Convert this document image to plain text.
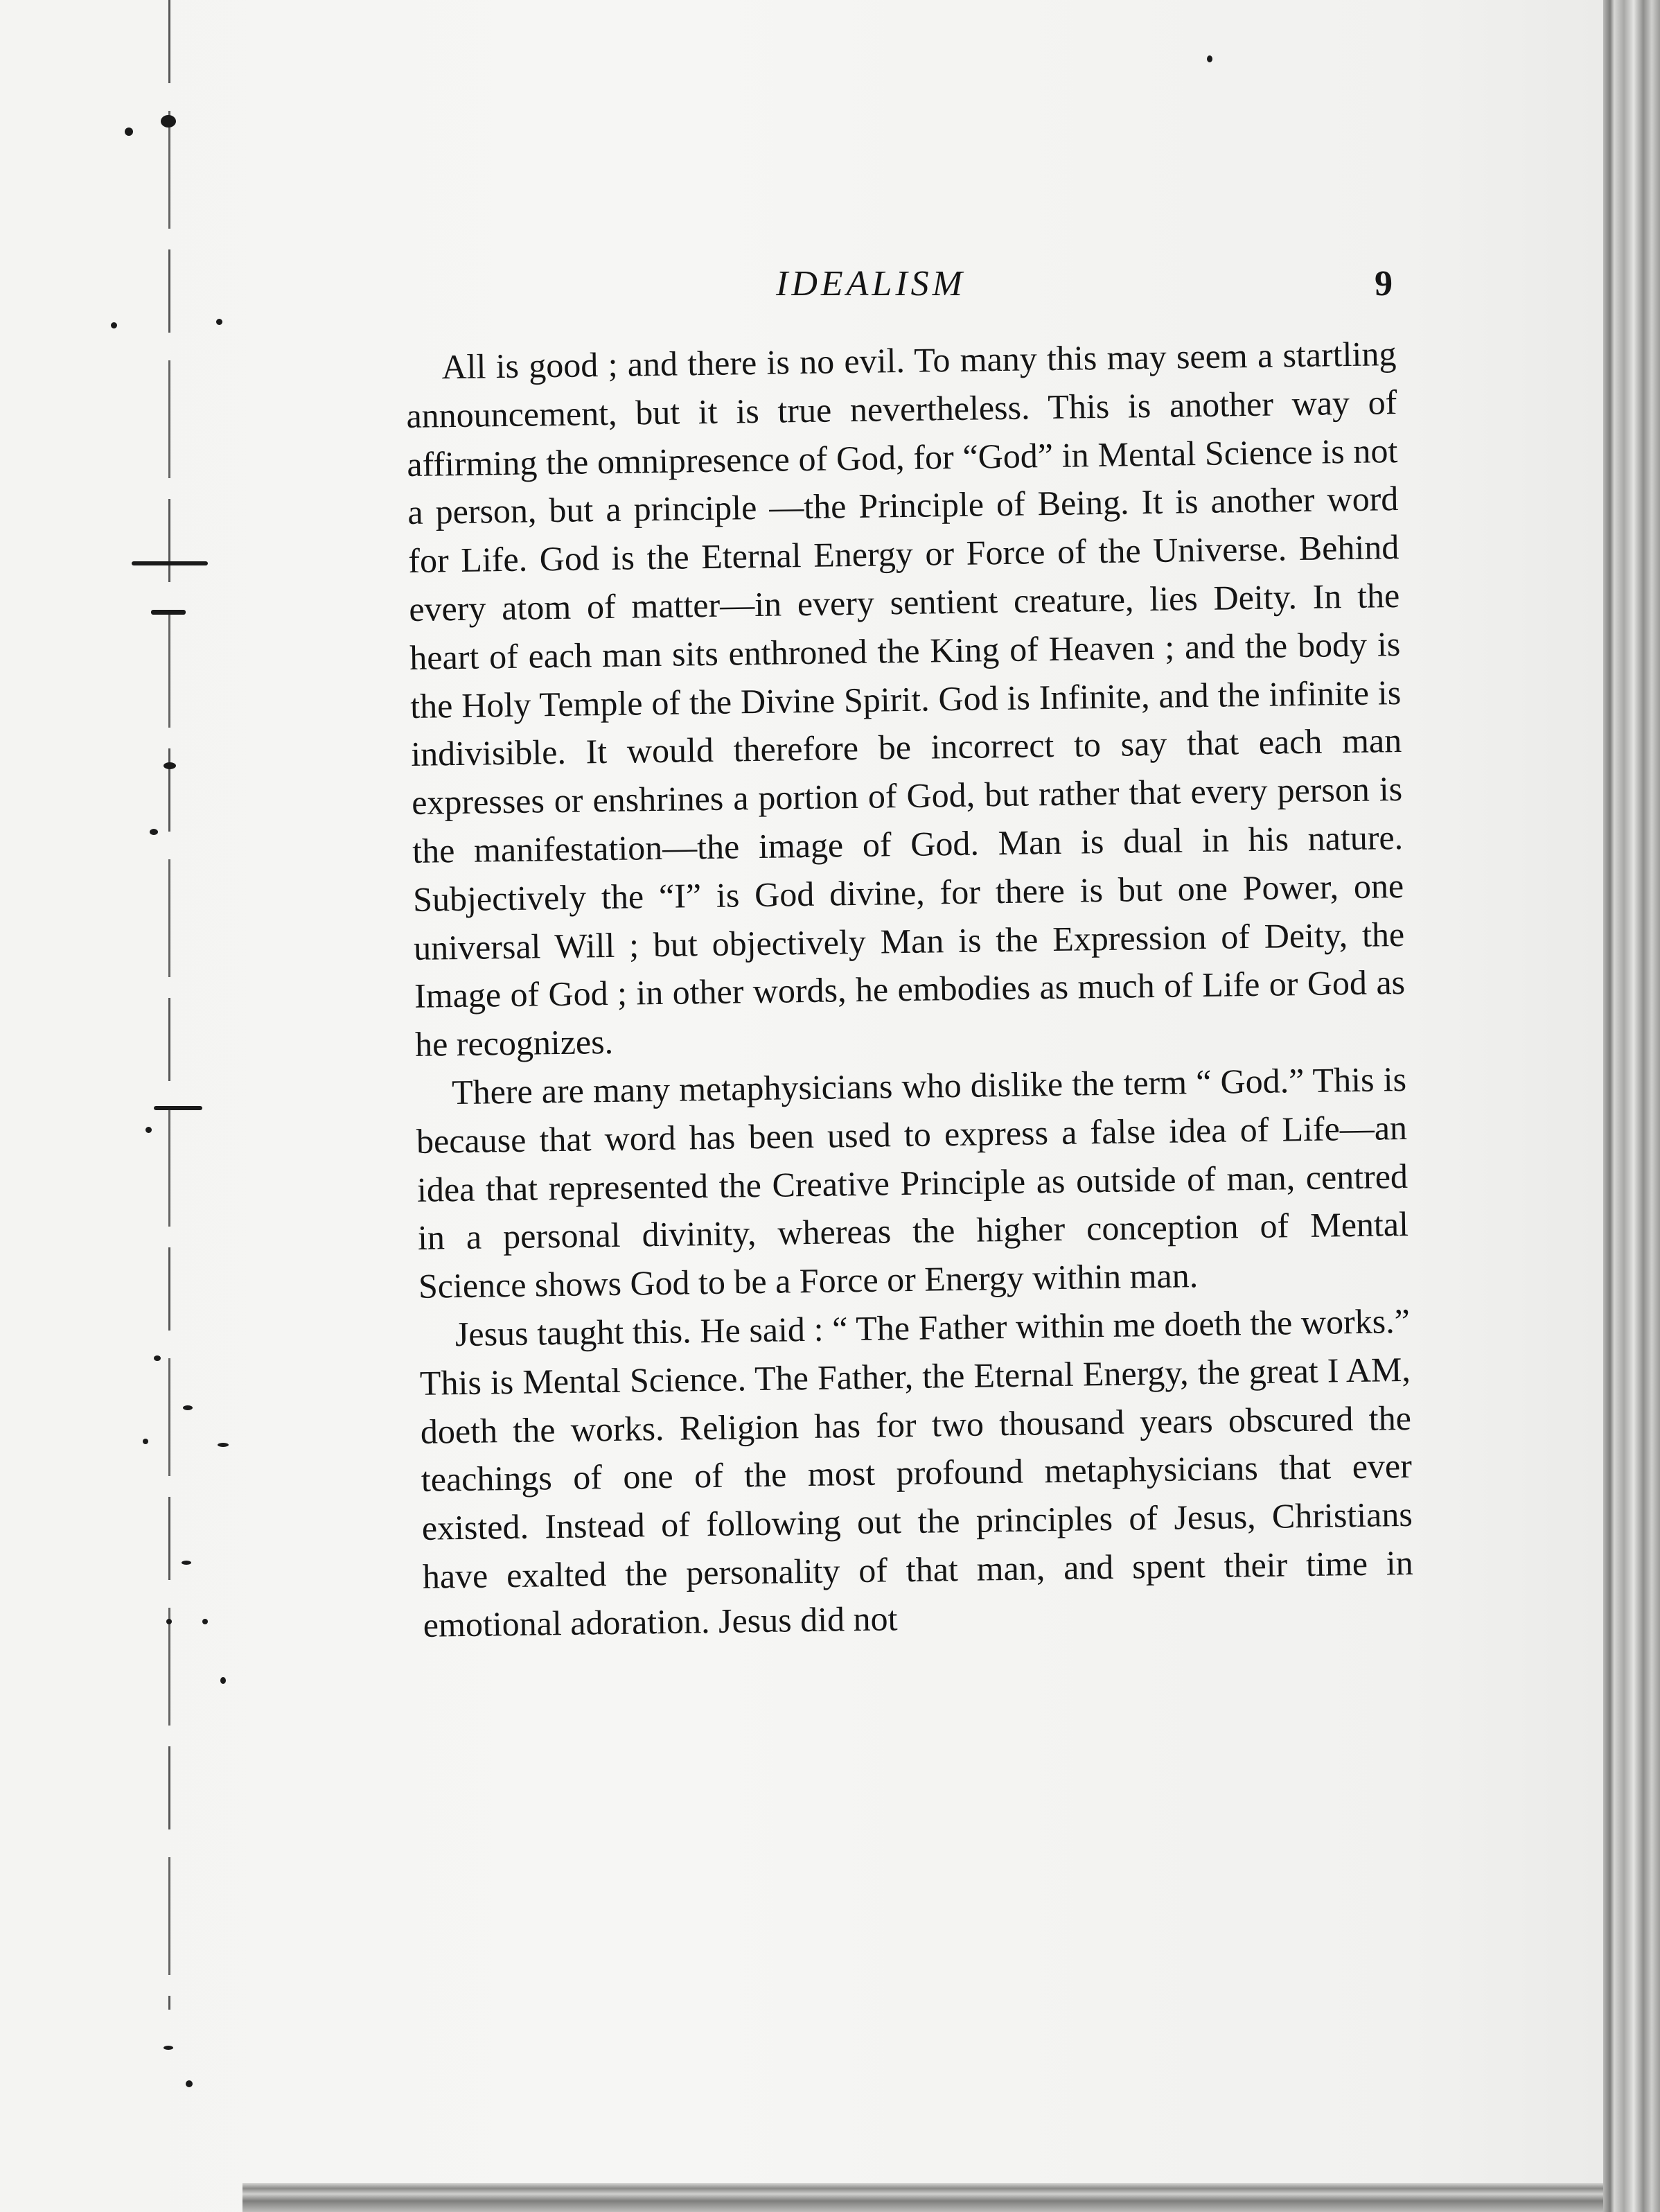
IDEALISM	9

All is good ; and there is no evil. To many this may seem a startling announcement, but it is true nevertheless. This is another way of affirming the omnipresence of God, for “God” in Mental Science is not a person, but a principle —the Principle of Being. It is another word for Life. God is the Eternal Energy or Force of the Universe. Behind every atom of matter—in every sentient creature, lies Deity. In the heart of each man sits enthroned the King of Heaven ; and the body is the Holy Temple of the Divine Spirit. God is Infinite, and the infinite is indivisible. It would therefore be incorrect to say that each man expresses or enshrines a portion of God, but rather that every person is the manifestation—the image of God. Man is dual in his nature. Subjectively the “I” is God divine, for there is but one Power, one universal Will ; but objectively Man is the Expression of Deity, the Image of God ; in other words, he embodies as much of Life or God as he recognizes.

There are many metaphysicians who dislike the term “ God.” This is because that word has been used to express a false idea of Life—an idea that represented the Creative Principle as outside of man, centred in a personal divinity, whereas the higher conception of Mental Science shows God to be a Force or Energy within man.

Jesus taught this. He said : “ The Father within me doeth the works.” This is Mental Science. The Father, the Eternal Energy, the great I AM, doeth the works. Religion has for two thousand years obscured the teachings of one of the most profound metaphysicians that ever existed. Instead of following out the principles of Jesus, Christians have exalted the personality of that man, and spent their time in emotional adoration. Jesus did not
